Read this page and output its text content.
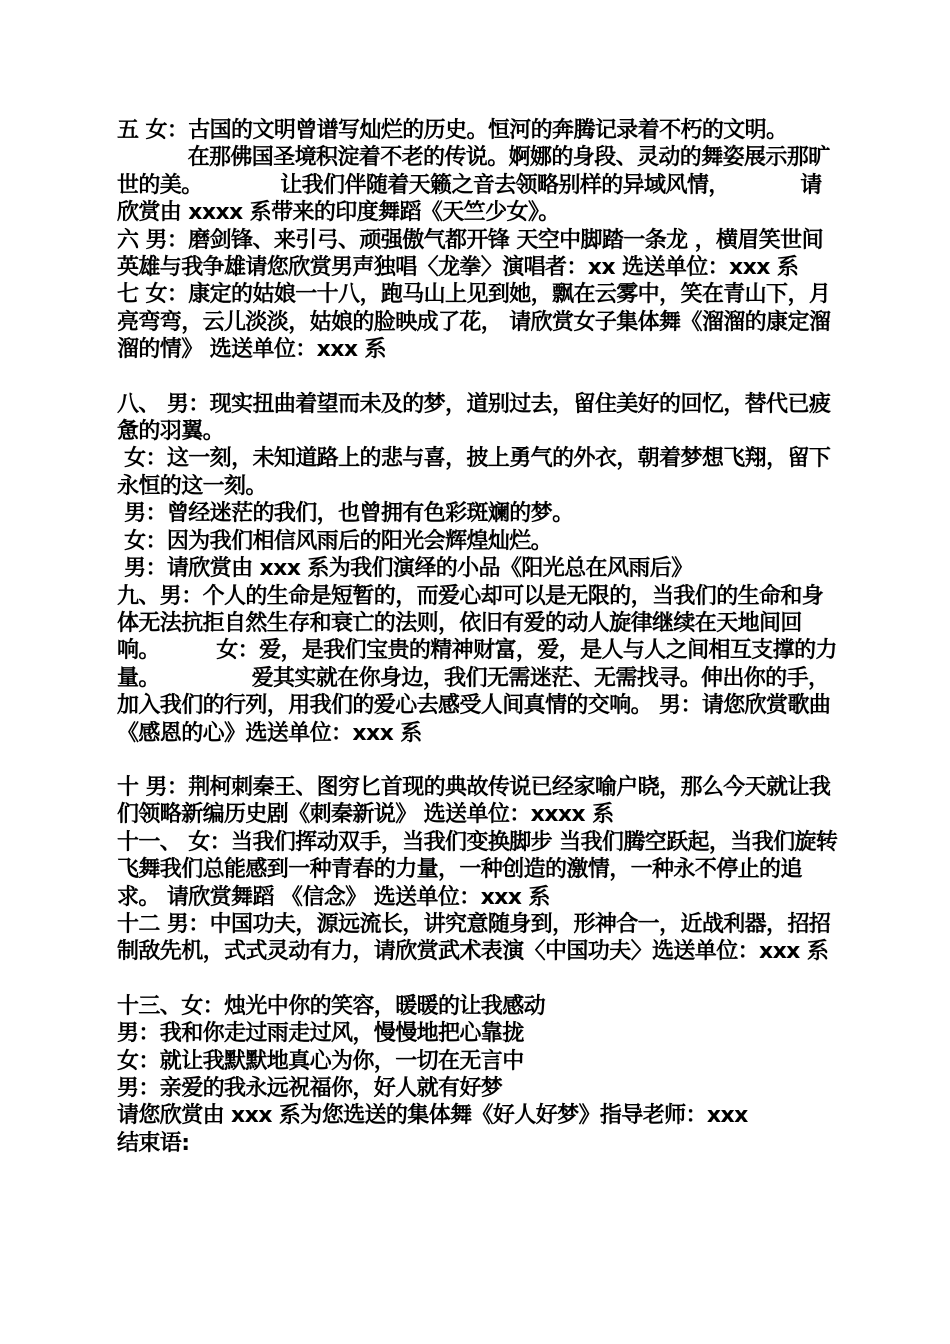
五 女：古国的文明曾谱写灿烂的历史。恒河的奔腾记录着不朽的文明。

在那佛国圣境积淀着不老的传说。婀娜的身段、灵动的舞姿展示那旷世的美。           让我们伴随着天籁之音去领略别样的异域风情，          请欣赏由 xxxx 系带来的印度舞蹈《天竺少女》。

六 男：磨剑锋、来引弓、顽强傲气都开锋 天空中脚踏一条龙 ，横眉笑世间英雄与我争雄请您欣赏男声独唱〈龙拳〉演唱者：xx 选送单位：xxx 系

七 女：康定的姑娘一十八，跑马山上见到她，飘在云雾中，笑在青山下，月亮弯弯，云儿淡淡，姑娘的脸映成了花， 请欣赏女子集体舞《溜溜的康定溜溜的情》 选送单位：xxx 系

八、 男：现实扭曲着望而未及的梦，道别过去，留住美好的回忆，替代已疲惫的羽翼。

女：这一刻，未知道路上的悲与喜，披上勇气的外衣，朝着梦想飞翔，留下永恒的这一刻。

男：曾经迷茫的我们，也曾拥有色彩斑斓的梦。

女：因为我们相信风雨后的阳光会辉煌灿烂。

男：请欣赏由 xxx 系为我们演绎的小品《阳光总在风雨后》

九、男：个人的生命是短暂的，而爱心却可以是无限的，当我们的生命和身体无法抗拒自然生存和衰亡的法则，依旧有爱的动人旋律继续在天地间回响。        女：爱，是我们宝贵的精神财富，爱，是人与人之间相互支撑的力量。             爱其实就在你身边，我们无需迷茫、无需找寻。伸出你的手，加入我们的行列，用我们的爱心去感受人间真情的交响。 男：请您欣赏歌曲《感恩的心》选送单位：xxx 系

十 男：荆柯刺秦王、图穷匕首现的典故传说已经家喻户晓，那么今天就让我们领略新编历史剧《刺秦新说》 选送单位：xxxx 系

十一、 女：当我们挥动双手，当我们变换脚步 当我们腾空跃起，当我们旋转飞舞我们总能感到一种青春的力量，一种创造的激情，一种永不停止的追求。 请欣赏舞蹈 《信念》 选送单位：xxx 系

十二 男：中国功夫，源远流长，讲究意随身到，形神合一，近战利器，招招制敌先机，式式灵动有力，请欣赏武术表演〈中国功夫〉选送单位：xxx 系

十三、女：烛光中你的笑容，暖暖的让我感动

男：我和你走过雨走过风，慢慢地把心靠拢

女：就让我默默地真心为你，一切在无言中

男：亲爱的我永远祝福你，好人就有好梦

请您欣赏由 xxx 系为您选送的集体舞《好人好梦》指导老师：xxx

结束语:
